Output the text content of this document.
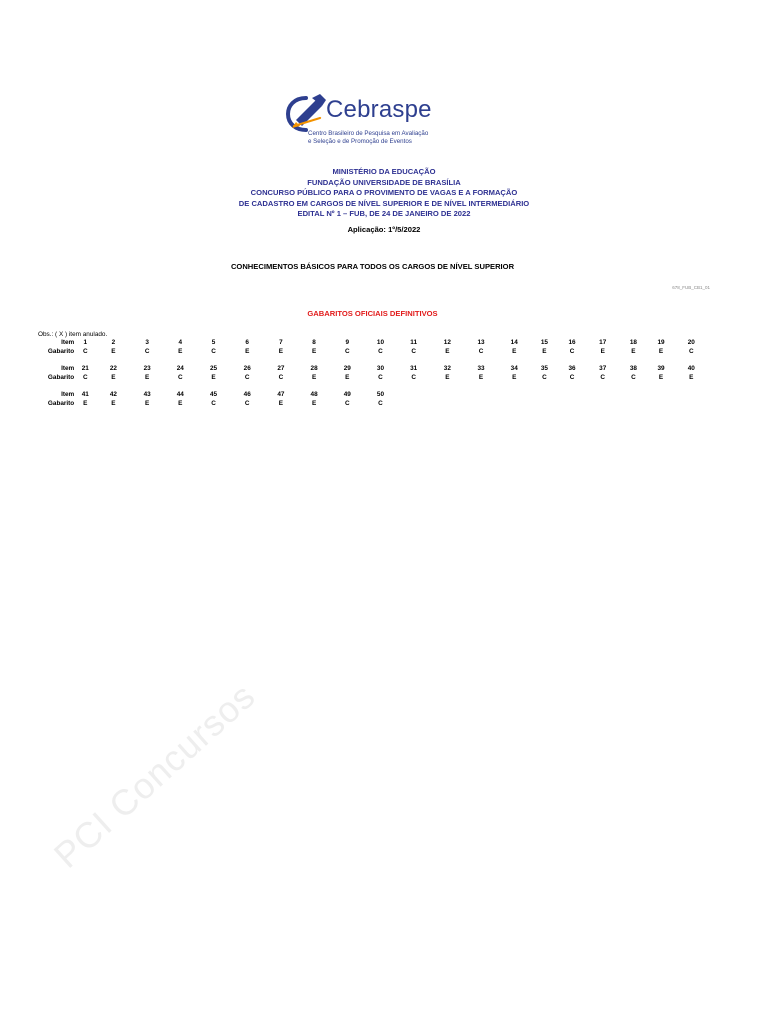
Cebraspe
Centro Brasileiro de Pesquisa em Avaliação
e Seleção e de Promoção de Eventos
MINISTÉRIO DA EDUCAÇÃO
FUNDAÇÃO UNIVERSIDADE DE BRASÍLIA
CONCURSO PÚBLICO PARA O PROVIMENTO DE VAGAS E A FORMAÇÃO
DE CADASTRO EM CARGOS DE NÍVEL SUPERIOR E DE NÍVEL INTERMEDIÁRIO
EDITAL Nº 1 – FUB, DE 24 DE JANEIRO DE 2022
Aplicação: 1º/5/2022
CONHECIMENTOS BÁSICOS PARA TODOS OS CARGOS DE NÍVEL SUPERIOR
678_FUB_CB1_01
GABARITOS OFICIAIS DEFINITIVOS
Obs.: ( X ) item anulado.
Item	1	2	3	4	5	6	7	8	9	10	11	12	13	14	15	16	17	18	19	20
Gabarito	C	E	C	E	C	E	E	E	C	C	C	E	C	E	E	C	E	E	E	C
Item	21	22	23	24	25	26	27	28	29	30	31	32	33	34	35	36	37	38	39	40
Gabarito	C	E	E	C	E	C	C	E	E	C	C	E	E	E	C	C	C	C	E	E
Item	41	42	43	44	45	46	47	48	49	50										
Gabarito	E	E	E	E	C	C	E	E	C	C										
PCI Concursos
